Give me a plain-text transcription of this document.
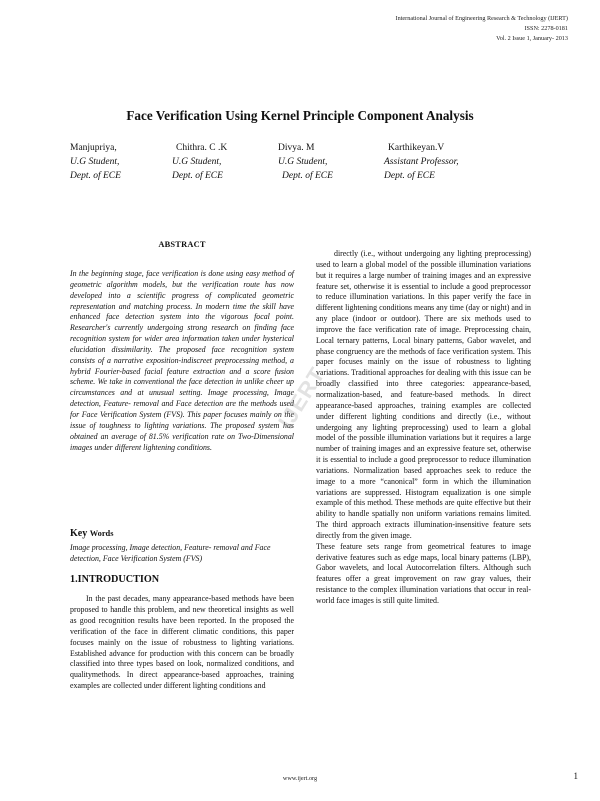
International Journal of Engineering Research & Technology (IJERT)
ISSN: 2278-0181
Vol. 2 Issue 1, January- 2013
Face Verification Using Kernel Principle Component Analysis
Manjupriya,
U.G Student,
Dept. of ECE
Chithra. C .K
U.G Student,
Dept. of ECE
Divya. M
U.G Student,
Dept. of ECE
Karthikeyan.V
Assistant Professor,
Dept. of ECE
ABSTRACT

In the beginning stage, face verification is done using easy method of geometric algorithm models, but the verification route has now developed into a scientific progress of complicated geometric representation and matching process. In modern time the skill have enhanced face detection system into the vigorous focal point. Researcher's currently undergoing strong research on finding face recognition system for wider area information taken under hysterical elucidation dissimilarity. The proposed face recognition system consists of a narrative exposition-indiscreet preprocessing method, a hybrid Fourier-based facial feature extraction and a score fusion scheme. We take in conventional the face detection in unlike cheer up circumstances and at unusual setting. Image processing, Image detection, Feature- removal and Face detection are the methods used for Face Verification System (FVS). This paper focuses mainly on the issue of toughness to lighting variations. The proposed system has obtained an average of 81.5% verification rate on Two-Dimensional images under different lightening conditions.

Key Words

Image processing, Image detection, Feature- removal and Face detection, Face Verification System (FVS)

1.INTRODUCTION

In the past decades, many appearance-based methods have been proposed to handle this problem, and new theoretical insights as well as good recognition results have been reported. In the proposed the verification of the face in different climatic conditions, this paper focuses mainly on the issue of robustness to lighting variations. Established advance for production with this concern can be broadly classified into three types based on look, normalized conditions, and qualitymethods. In direct appearance-based approaches, training examples are collected under different lighting conditions and

directly (i.e., without undergoing any lighting preprocessing) used to learn a global model of the possible illumination variations but it requires a large number of training images and an expressive feature set, otherwise it is essential to include a good preprocessor to reduce illumination variations. In this paper verify the face in different lightening conditions means any time (day or night) and in any place (indoor or outdoor). There are six methods used to improve the face verification rate of image. Preprocessing chain, Local ternary patterns, Local binary patterns, Gabor wavelet, and phase congruency are the methods of face verification system. This paper focuses mainly on the issue of robustness to lighting variations. Traditional approaches for dealing with this issue can be broadly classified into three categories: appearance-based, normalization-based, and feature-based methods. In direct appearance-based approaches, training examples are collected under different lighting conditions and directly (i.e., without undergoing any lighting preprocessing) used to learn a global model of the possible illumination variations but it requires a large number of training images and an expressive feature set, otherwise it is essential to include a good preprocessor to reduce illumination variations. Normalization based approaches seek to reduce the image to a more “canonical” form in which the illumination variations are suppressed. Histogram equalization is one simple example of this method. These methods are quite effective but their ability to handle spatially non uniform variations remains limited. The third approach extracts illumination-insensitive feature sets directly from the given image.

These feature sets range from geometrical features to image derivative features such as edge maps, local binary patterns (LBP), Gabor wavelets, and local Autocorrelation filters. Although such features offer a great improvement on raw gray values, their resistance to the complex illumination variations that occur in real-world face images is still quite limited.

IJERT
www.ijert.org	1
